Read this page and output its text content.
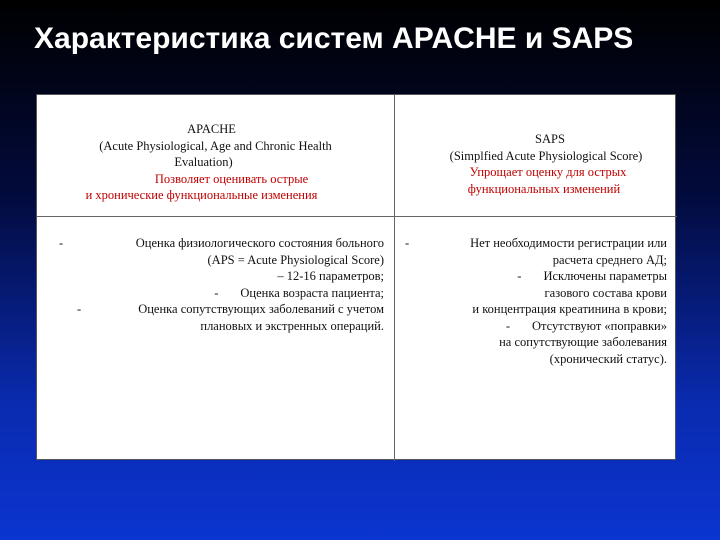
Характеристика систем APACHE и SAPS
APACHE
(Acute Physiological, Age and Chronic Health
Evaluation)
Позволяет оценивать острые
и хронические функциональные изменения
SAPS
(Simplfied Acute Physiological Score)
Упрощает оценку для острых
функциональных изменений
-	Оценка физиологического состояния больного
(APS = Acute Physiological Score)
– 12-16 параметров;
- Оценка возраста пациента;
-	Оценка сопутствующих заболеваний с учетом
плановых и экстренных операций.
-	Нет необходимости регистрации или
расчета среднего АД;
- Исключены параметры
газового состава крови
и концентрация креатинина в крови;
- Отсутствуют «поправки»
на сопутствующие заболевания
(хронический статус).
